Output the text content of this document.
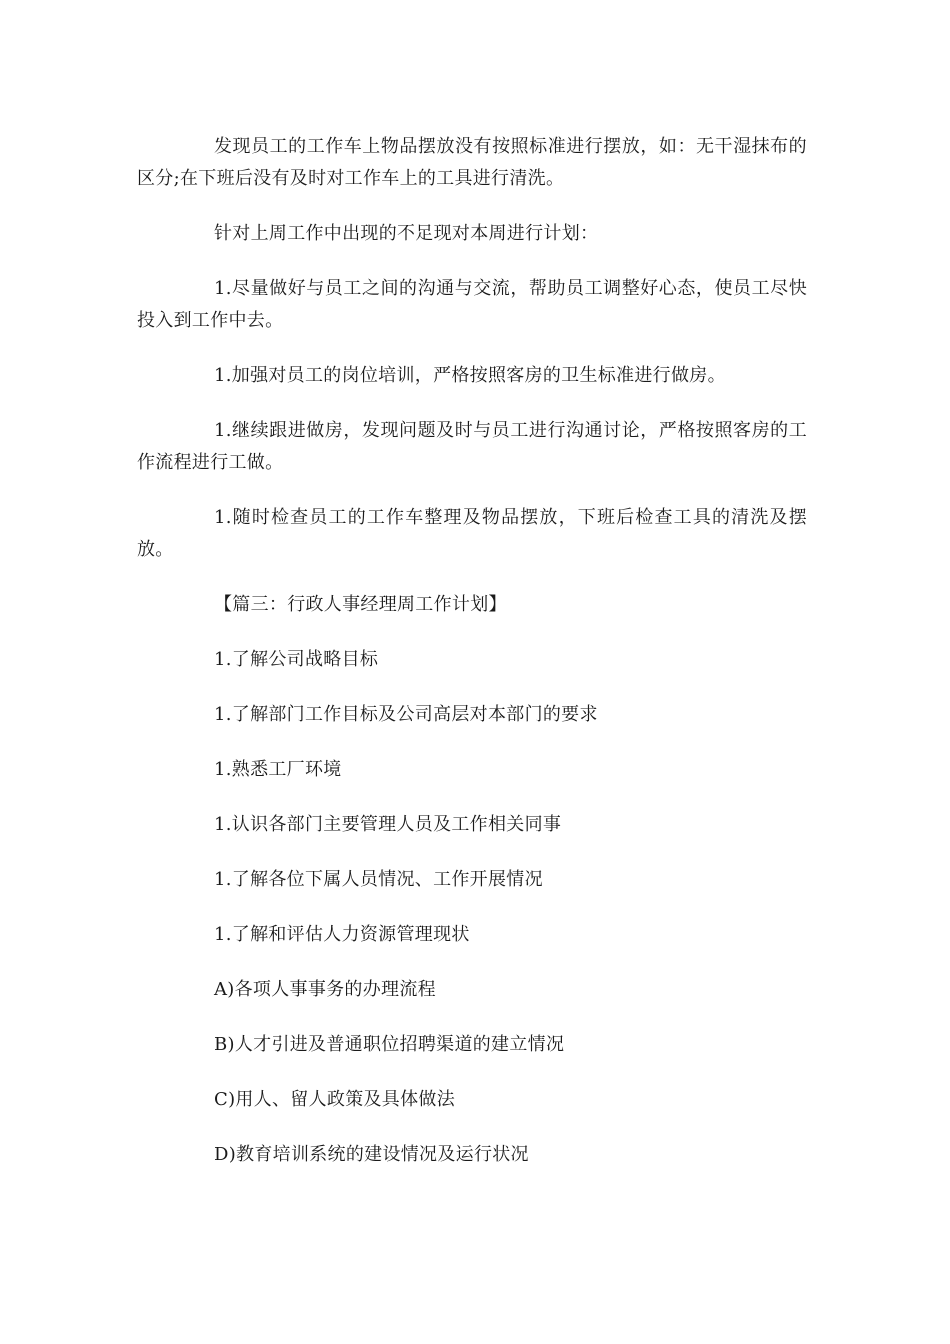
发现员工的工作车上物品摆放没有按照标准进行摆放，如：无干湿抹布的区分;在下班后没有及时对工作车上的工具进行清洗。

针对上周工作中出现的不足现对本周进行计划：

1.尽量做好与员工之间的沟通与交流，帮助员工调整好心态，使员工尽快投入到工作中去。

1.加强对员工的岗位培训，严格按照客房的卫生标准进行做房。

1.继续跟进做房，发现问题及时与员工进行沟通讨论，严格按照客房的工作流程进行工做。

1.随时检查员工的工作车整理及物品摆放，下班后检查工具的清洗及摆放。

【篇三：行政人事经理周工作计划】

1.了解公司战略目标

1.了解部门工作目标及公司高层对本部门的要求

1.熟悉工厂环境

1.认识各部门主要管理人员及工作相关同事

1.了解各位下属人员情况、工作开展情况

1.了解和评估人力资源管理现状

A)各项人事事务的办理流程

B)人才引进及普通职位招聘渠道的建立情况

C)用人、留人政策及具体做法

D)教育培训系统的建设情况及运行状况
